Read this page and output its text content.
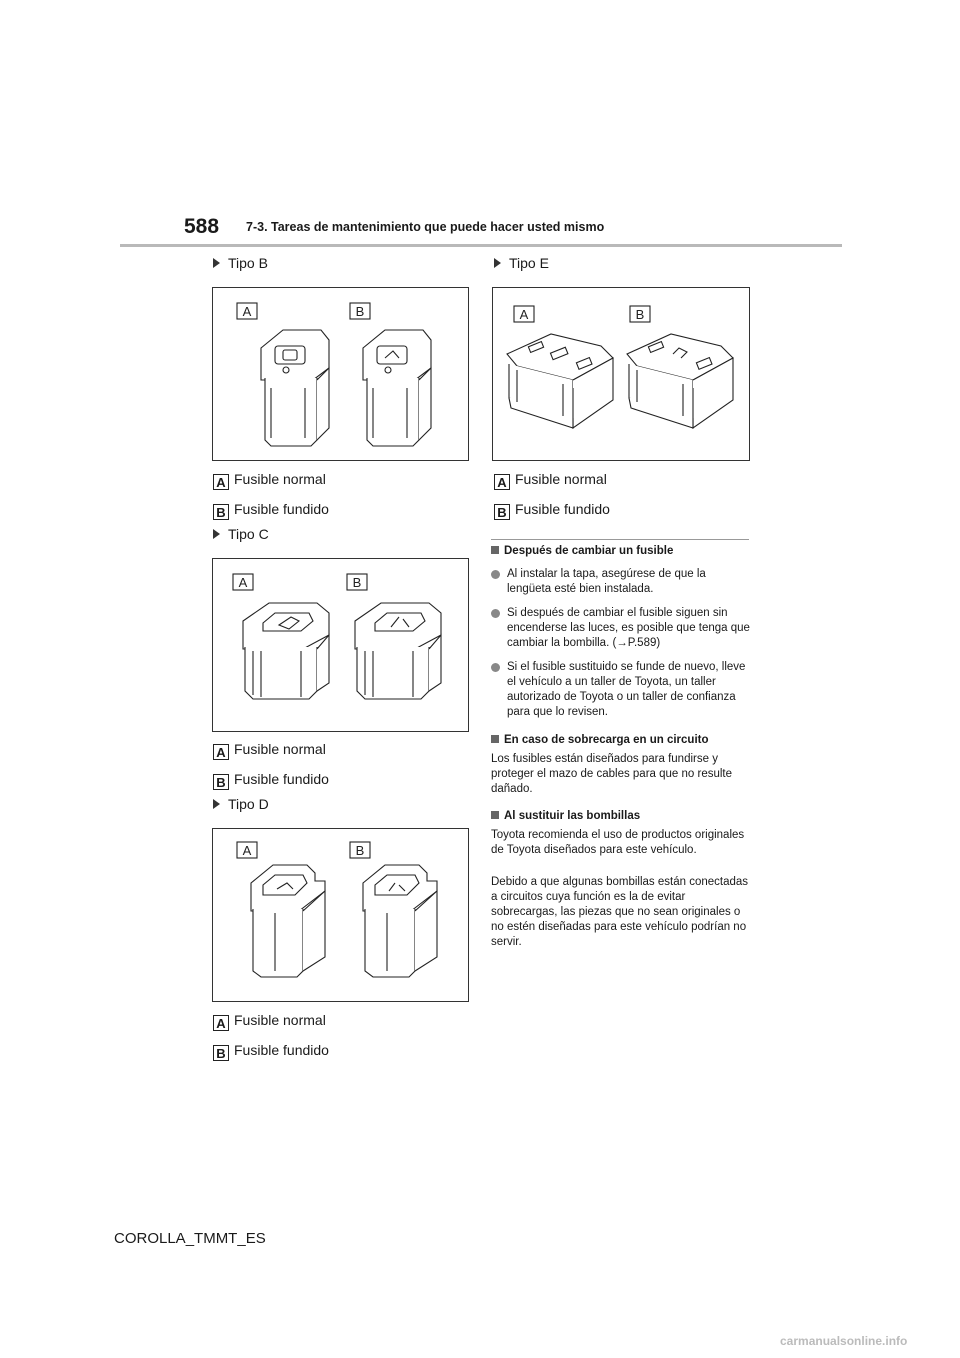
588 7-3. Tareas de mantenimiento que puede hacer usted mismo
Tipo B
A	B
A Fusible normal
B Fusible fundido
Tipo C
A	B
A Fusible normal
B Fusible fundido
Tipo D
A	B
A Fusible normal
B Fusible fundido
Tipo E
A	B
A Fusible normal
B Fusible fundido
Después de cambiar un fusible
Al instalar la tapa, asegúrese de que la lengüeta esté bien instalada.
Si después de cambiar el fusible siguen sin encenderse las luces, es posible que tenga que cambiar la bombilla. (→P.589)
Si el fusible sustituido se funde de nuevo, lleve el vehículo a un taller de Toyota, un taller autorizado de Toyota o un taller de confianza para que lo revisen.
En caso de sobrecarga en un circuito
Los fusibles están diseñados para fundirse y proteger el mazo de cables para que no resulte dañado.
Al sustituir las bombillas
Toyota recomienda el uso de productos originales de Toyota diseñados para este vehículo.
Debido a que algunas bombillas están conectadas a circuitos cuya función es la de evitar sobrecargas, las piezas que no sean originales o no estén diseñadas para este vehículo podrían no servir.
COROLLA_TMMT_ES
carmanualsonline.info
